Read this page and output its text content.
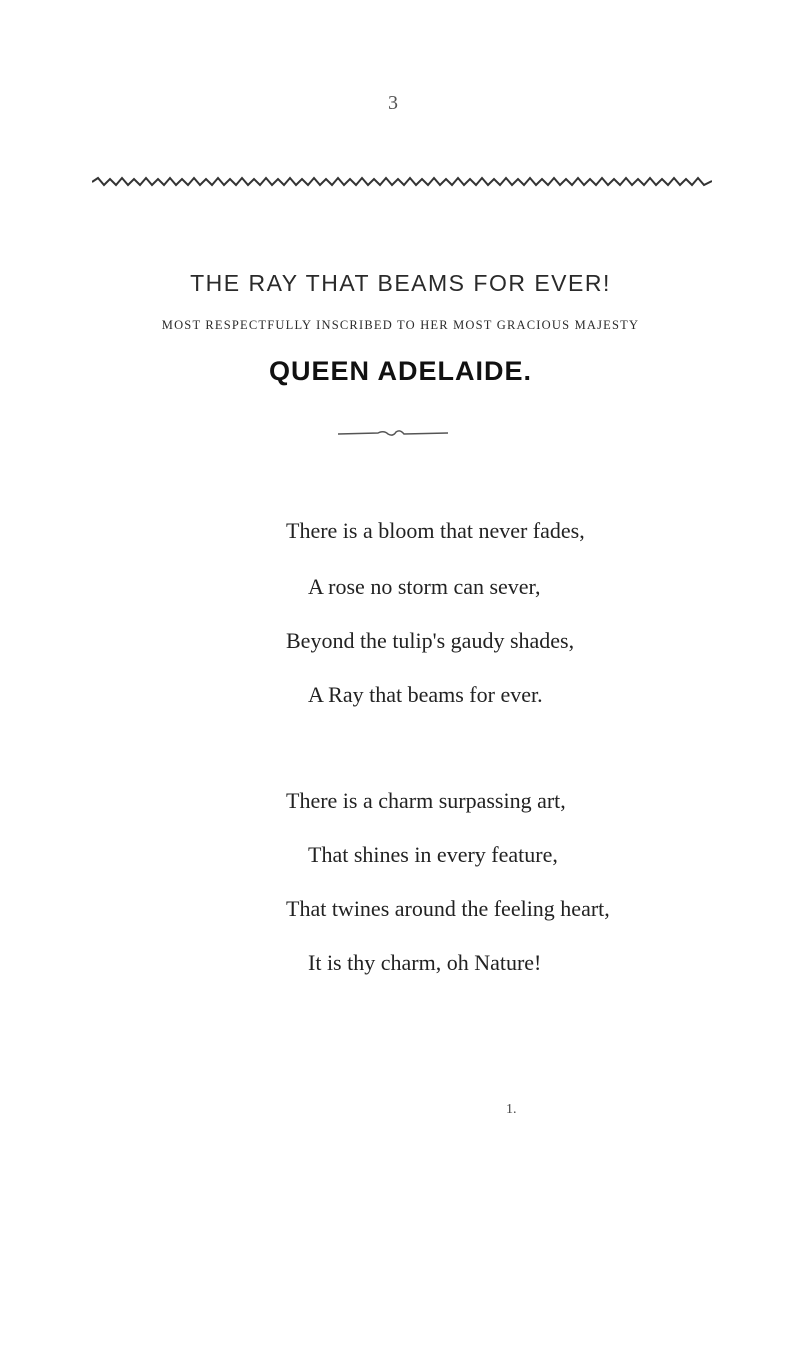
3
THE RAY THAT BEAMS FOR EVER!
MOST RESPECTFULLY INSCRIBED TO HER MOST GRACIOUS MAJESTY
QUEEN ADELAIDE.
There is a bloom that never fades,
A rose no storm can sever,
Beyond the tulip's gaudy shades,
A Ray that beams for ever.
There is a charm surpassing art,
That shines in every feature,
That twines around the feeling heart,
It is thy charm, oh Nature!
1.
